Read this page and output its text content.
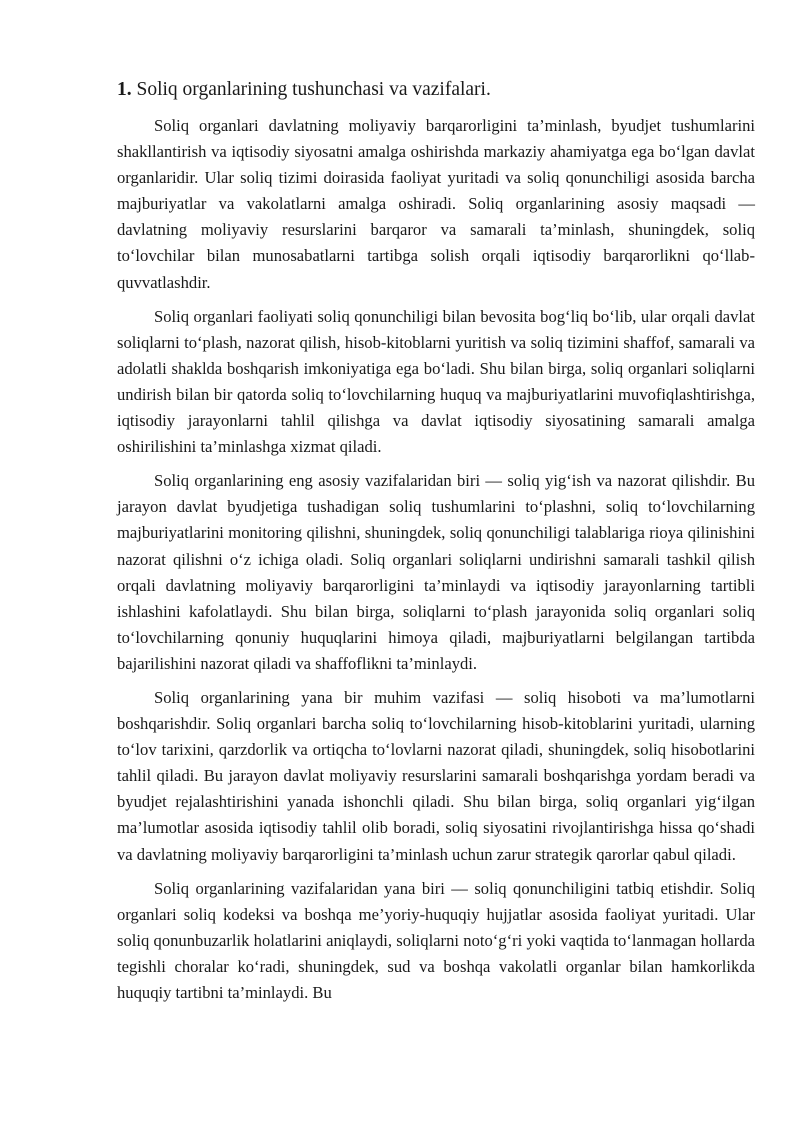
1. Soliq organlarining tushunchasi va vazifalari.

Soliq organlari davlatning moliyaviy barqarorligini ta’minlash, byudjet tushumlarini shakllantirish va iqtisodiy siyosatni amalga oshirishda markaziy ahamiyatga ega bo‘lgan davlat organlaridir. Ular soliq tizimi doirasida faoliyat yuritadi va soliq qonunchiligi asosida barcha majburiyatlar va vakolatlarni amalga oshiradi. Soliq organlarining asosiy maqsadi — davlatning moliyaviy resurslarini barqaror va samarali ta’minlash, shuningdek, soliq to‘lovchilar bilan munosabatlarni tartibga solish orqali iqtisodiy barqarorlikni qo‘llab-quvvatlashdir.

Soliq organlari faoliyati soliq qonunchiligi bilan bevosita bog‘liq bo‘lib, ular orqali davlat soliqlarni to‘plash, nazorat qilish, hisob-kitoblarni yuritish va soliq tizimini shaffof, samarali va adolatli shaklda boshqarish imkoniyatiga ega bo‘ladi. Shu bilan birga, soliq organlari soliqlarni undirish bilan bir qatorda soliq to‘lovchilarning huquq va majburiyatlarini muvofiqlashtirishga, iqtisodiy jarayonlarni tahlil qilishga va davlat iqtisodiy siyosatining samarali amalga oshirilishini ta’minlashga xizmat qiladi.

Soliq organlarining eng asosiy vazifalaridan biri — soliq yig‘ish va nazorat qilishdir. Bu jarayon davlat byudjetiga tushadigan soliq tushumlarini to‘plashni, soliq to‘lovchilarning majburiyatlarini monitoring qilishni, shuningdek, soliq qonunchiligi talablariga rioya qilinishini nazorat qilishni o‘z ichiga oladi. Soliq organlari soliqlarni undirishni samarali tashkil qilish orqali davlatning moliyaviy barqarorligini ta’minlaydi va iqtisodiy jarayonlarning tartibli ishlashini kafolatlaydi. Shu bilan birga, soliqlarni to‘plash jarayonida soliq organlari soliq to‘lovchilarning qonuniy huquqlarini himoya qiladi, majburiyatlarni belgilangan tartibda bajarilishini nazorat qiladi va shaffoflikni ta’minlaydi.

Soliq organlarining yana bir muhim vazifasi — soliq hisoboti va ma’lumotlarni boshqarishdir. Soliq organlari barcha soliq to‘lovchilarning hisob-kitoblarini yuritadi, ularning to‘lov tarixini, qarzdorlik va ortiqcha to‘lovlarni nazorat qiladi, shuningdek, soliq hisobotlarini tahlil qiladi. Bu jarayon davlat moliyaviy resurslarini samarali boshqarishga yordam beradi va byudjet rejalashtirishini yanada ishonchli qiladi. Shu bilan birga, soliq organlari yig‘ilgan ma’lumotlar asosida iqtisodiy tahlil olib boradi, soliq siyosatini rivojlantirishga hissa qo‘shadi va davlatning moliyaviy barqarorligini ta’minlash uchun zarur strategik qarorlar qabul qiladi.

Soliq organlarining vazifalaridan yana biri — soliq qonunchiligini tatbiq etishdir. Soliq organlari soliq kodeksi va boshqa me’yoriy-huquqiy hujjatlar asosida faoliyat yuritadi. Ular soliq qonunbuzarlik holatlarini aniqlaydi, soliqlarni noto‘g‘ri yoki vaqtida to‘lanmagan hollarda tegishli choralar ko‘radi, shuningdek, sud va boshqa vakolatli organlar bilan hamkorlikda huquqiy tartibni ta’minlaydi. Bu
